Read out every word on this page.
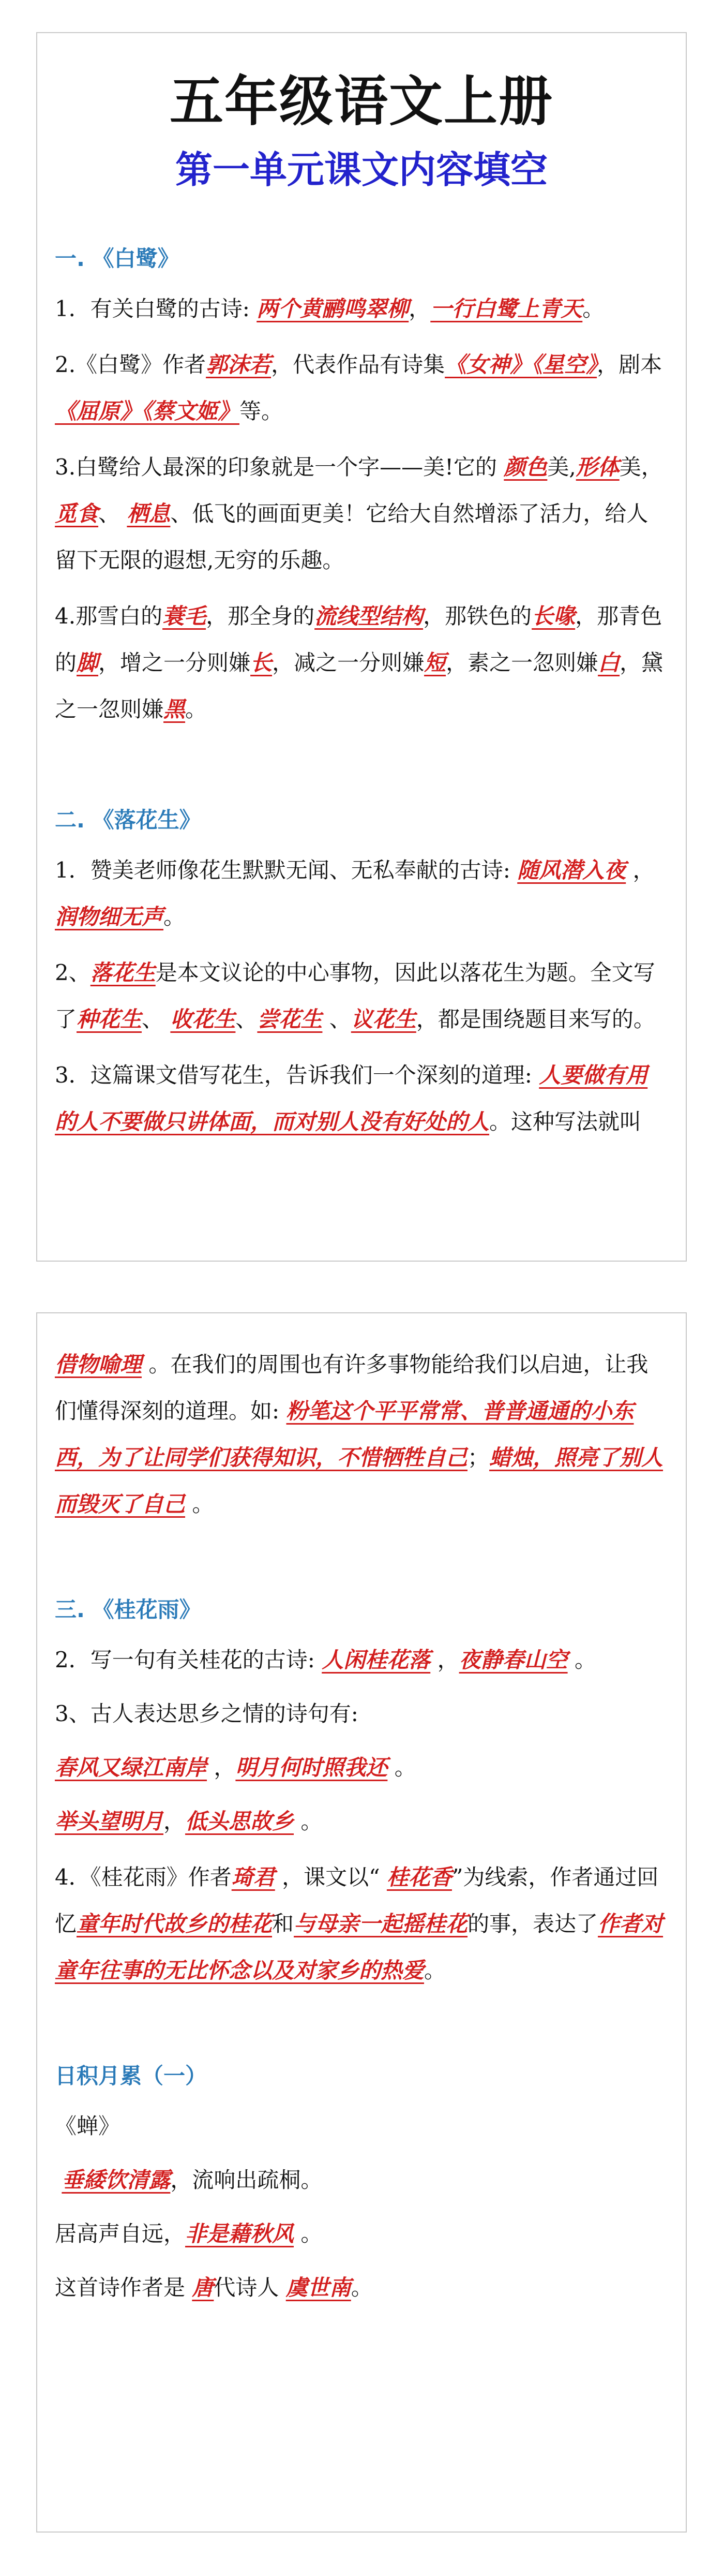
五年级语文上册
第一单元课文内容填空
一. 《白鹭》

1．有关白鹭的古诗: 两个黄鹂鸣翠柳，一行白鹭上青天。

2.《白鹭》作者郭沫若，代表作品有诗集《女神》《星空》，剧本《屈原》《蔡文姬》等。

3.白鹭给人最深的印象就是一个字——美!它的 颜色美,形体美，觅食、 栖息、低飞的画面更美！它给大自然增添了活力，给人留下无限的遐想,无穷的乐趣。

4.那雪白的蓑毛，那全身的流线型结构，那铁色的长喙，那青色的脚，增之一分则嫌长，减之一分则嫌短，素之一忽则嫌白，黛之一忽则嫌黑。

二. 《落花生》

1．赞美老师像花生默默无闻、无私奉献的古诗: 随风潜入夜 ，润物细无声。

2、落花生是本文议论的中心事物，因此以落花生为题。全文写了种花生、 收花生、尝花生 、议花生，都是围绕题目来写的。

3．这篇课文借写花生，告诉我们一个深刻的道理: 人要做有用的人不要做只讲体面，而对别人没有好处的人。这种写法就叫

借物喻理 。在我们的周围也有许多事物能给我们以启迪，让我们懂得深刻的道理。如: 粉笔这个平平常常、普普通通的小东西，为了让同学们获得知识，不惜牺牲自己；蜡烛，照亮了别人而毁灭了自己 。

三. 《桂花雨》

2．写一句有关桂花的古诗: 人闲桂花落 ，夜静春山空 。

3、古人表达思乡之情的诗句有:

春风又绿江南岸 ，明月何时照我还 。

举头望明月，低头思故乡 。

4．《桂花雨》作者琦君 ，课文以“ 桂花香”为线索，作者通过回忆童年时代故乡的桂花和与母亲一起摇桂花的事，表达了作者对童年往事的无比怀念以及对家乡的热爱。

日积月累（一）

《蝉》

垂緌饮清露，流响出疏桐。

居高声自远，非是藉秋风 。

这首诗作者是 唐代诗人 虞世南。
